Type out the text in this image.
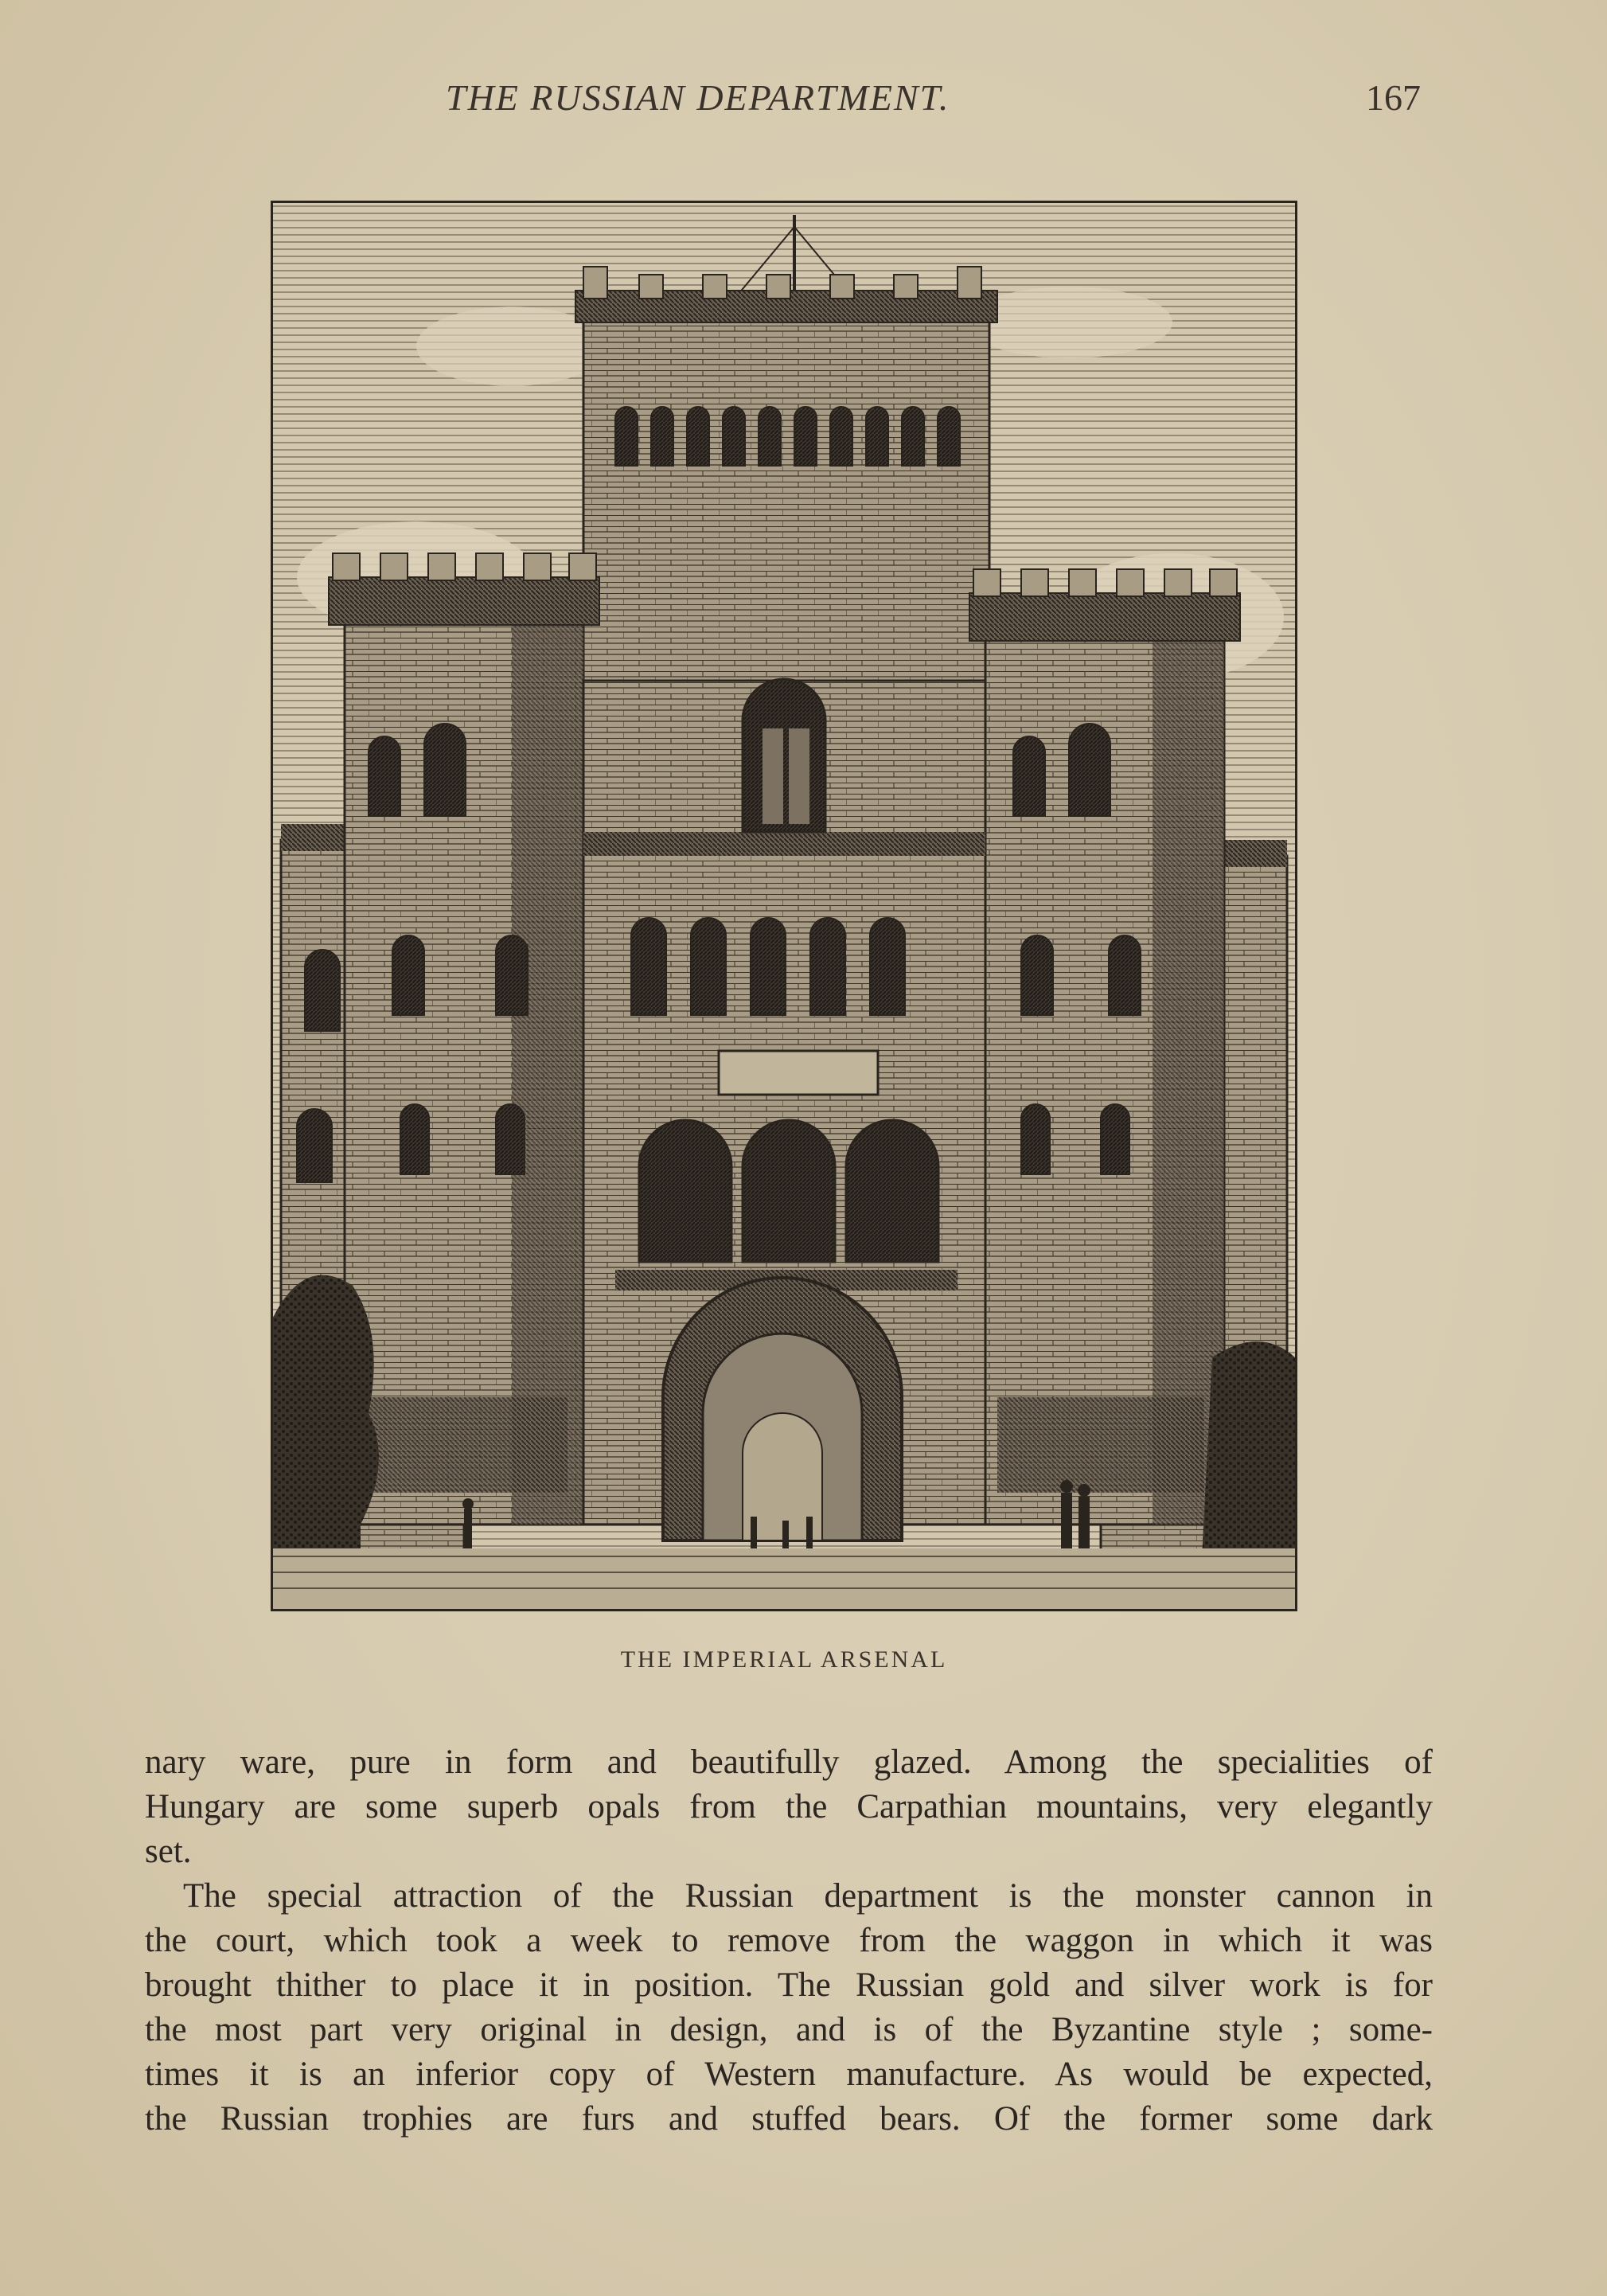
THE RUSSIAN DEPARTMENT.	167
THE IMPERIAL ARSENAL
nary ware, pure in form and beautifully glazed. Among the specialities of
Hungary are some superb opals from the Carpathian mountains, very elegantly
set.
The special attraction of the Russian department is the monster cannon in
the court, which took a week to remove from the waggon in which it was
brought thither to place it in position. The Russian gold and silver work is for
the most part very original in design, and is of the Byzantine style ; some-
times it is an inferior copy of Western manufacture. As would be expected,
the Russian trophies are furs and stuffed bears. Of the former some dark
